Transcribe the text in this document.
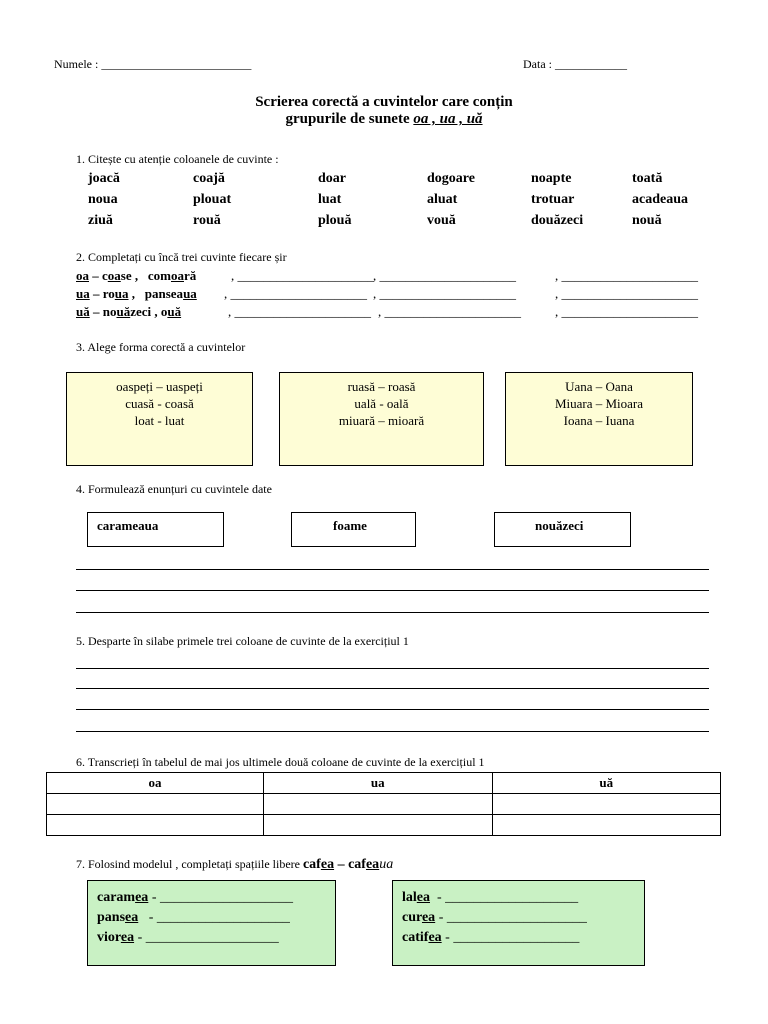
Numele : _________________________	Data : ____________
Scrierea corectă a cuvintelor care conțin
grupurile de sunete oa , ua , uă
1. Citește cu atenție coloanele de cuvinte :
joacă	coajă	doar	dogoare	noapte	toată
noua	plouat	luat	aluat	trotuar	acadeaua
ziuă	rouă	plouă	vouă	douăzeci	nouă
2. Completați cu încă trei cuvinte fiecare șir
oa – coase ,   comoară	, _____________________ , _____________________	, _____________________
ua – roua ,   panseaua , _____________________ , _____________________	, _____________________
uă – nouăzeci , ouă	, _____________________ , _____________________	, _____________________
3. Alege forma corectă a cuvintelor
oaspeți – uaspeți
cuasă - coasă
loat - luat
ruasă – roasă
ualǎ - oală
miuară – mioară
Uana – Oana
Miuara – Mioara
Ioana – Iuana
4. Formulează enunțuri cu cuvintele date
carameaua	foame	nouăzeci
5. Desparte în silabe primele trei coloane de cuvinte de la exercițiul 1
6. Transcrieți în tabelul de mai jos ultimele două coloane de cuvinte de la exercițiul 1
oa	ua	uă

7. Folosind modelul , completați spațiile libere cafea – cafeaua
caramea - ___________________
pansea   - ___________________
viorea - ___________________
lalea  - ___________________
curea - ____________________
catifea - __________________
